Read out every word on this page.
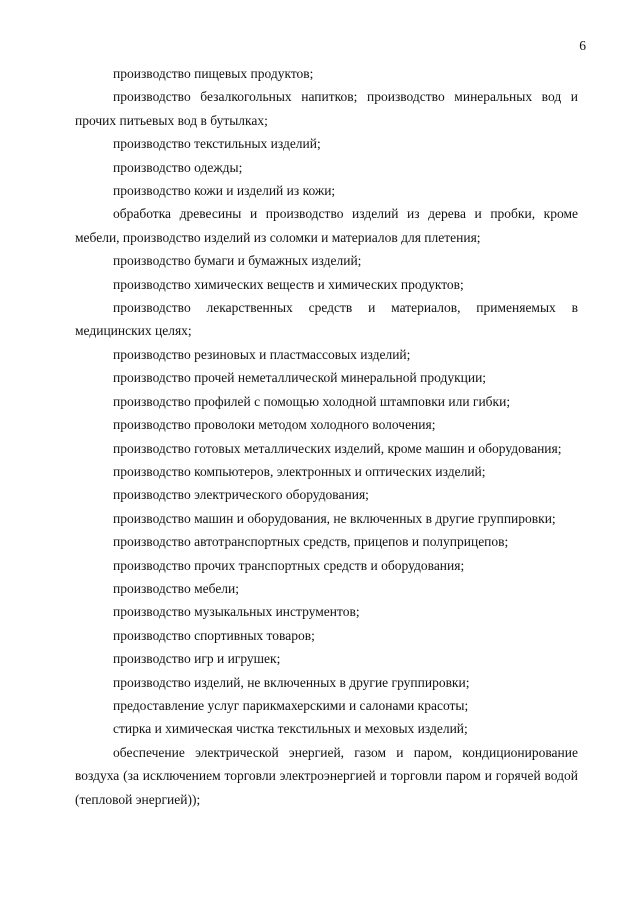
6

производство пищевых продуктов;

производство безалкогольных напитков; производство минеральных вод и прочих питьевых вод в бутылках;

производство текстильных изделий;

производство одежды;

производство кожи и изделий из кожи;

обработка древесины и производство изделий из дерева и пробки, кроме мебели, производство изделий из соломки и материалов для плетения;

производство бумаги и бумажных изделий;

производство химических веществ и химических продуктов;

производство лекарственных средств и материалов, применяемых в медицинских целях;

производство резиновых и пластмассовых изделий;

производство прочей неметаллической минеральной продукции;

производство профилей с помощью холодной штамповки или гибки;

производство проволоки методом холодного волочения;

производство готовых металлических изделий, кроме машин и оборудования;

производство компьютеров, электронных и оптических изделий;

производство электрического оборудования;

производство машин и оборудования, не включенных в другие группировки;

производство автотранспортных средств, прицепов и полуприцепов;

производство прочих транспортных средств и оборудования;

производство мебели;

производство музыкальных инструментов;

производство спортивных товаров;

производство игр и игрушек;

производство изделий, не включенных в другие группировки;

предоставление услуг парикмахерскими и салонами красоты;

стирка и химическая чистка текстильных и меховых изделий;

обеспечение электрической энергией, газом и паром, кондиционирование воздуха (за исключением торговли электроэнергией и торговли паром и горячей водой (тепловой энергией));
